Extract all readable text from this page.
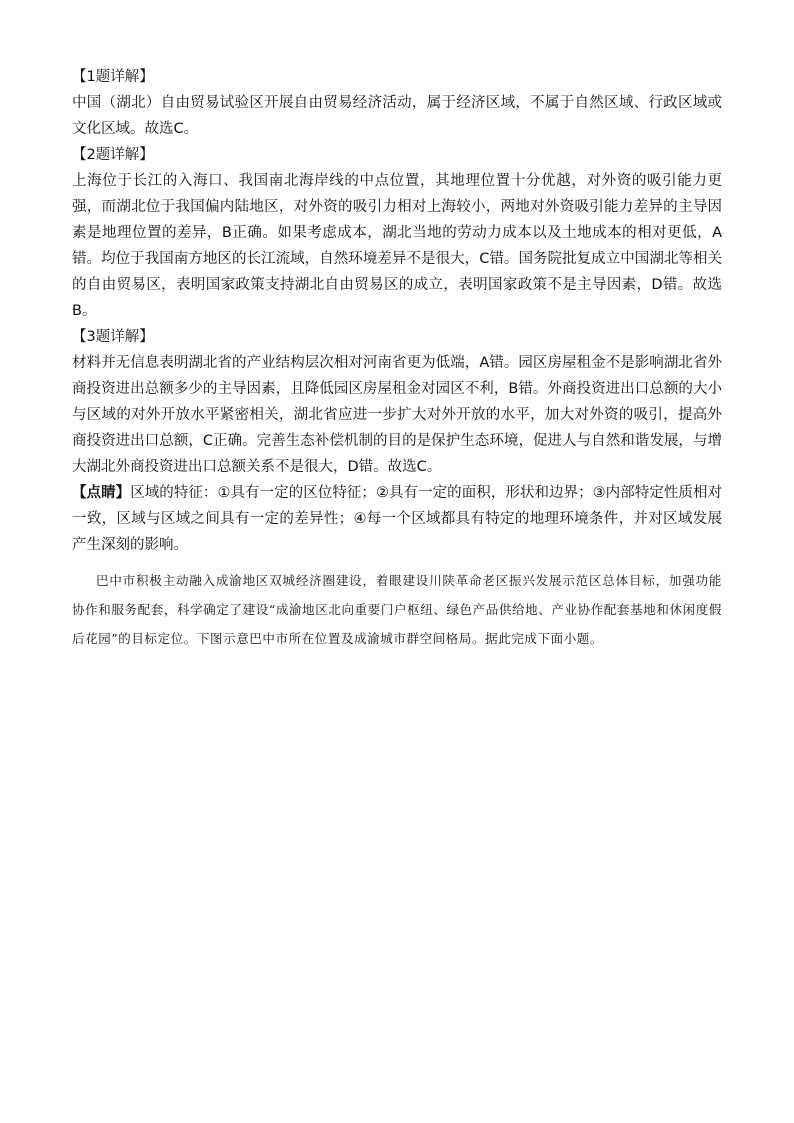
【1题详解】

中国（湖北）自由贸易试验区开展自由贸易经济活动，属于经济区域，不属于自然区域、行政区域或文化区域。故选C。

【2题详解】

上海位于长江的入海口、我国南北海岸线的中点位置，其地理位置十分优越，对外资的吸引能力更强，而湖北位于我国偏内陆地区，对外资的吸引力相对上海较小，两地对外资吸引能力差异的主导因素是地理位置的差异，B正确。如果考虑成本，湖北当地的劳动力成本以及土地成本的相对更低，A错。均位于我国南方地区的长江流域，自然环境差异不是很大，C错。国务院批复成立中国湖北等相关的自由贸易区，表明国家政策支持湖北自由贸易区的成立，表明国家政策不是主导因素，D错。故选B。

【3题详解】

材料并无信息表明湖北省的产业结构层次相对河南省更为低端，A错。园区房屋租金不是影响湖北省外商投资进出总额多少的主导因素，且降低园区房屋租金对园区不利，B错。外商投资进出口总额的大小与区域的对外开放水平紧密相关，湖北省应进一步扩大对外开放的水平，加大对外资的吸引，提高外商投资进出口总额，C正确。完善生态补偿机制的目的是保护生态环境，促进人与自然和谐发展，与增大湖北外商投资进出口总额关系不是很大，D错。故选C。

【点睛】区域的特征：①具有一定的区位特征；②具有一定的面积，形状和边界；③内部特定性质相对一致，区域与区域之间具有一定的差异性；④每一个区域都具有特定的地理环境条件，并对区域发展产生深刻的影响。

巴中市积极主动融入成渝地区双城经济圈建设，着眼建设川陕革命老区振兴发展示范区总体目标，加强功能协作和服务配套，科学确定了建设“成渝地区北向重要门户枢纽、绿色产品供给地、产业协作配套基地和休闲度假后花园”的目标定位。下图示意巴中市所在位置及成渝城市群空间格局。据此完成下面小题。
